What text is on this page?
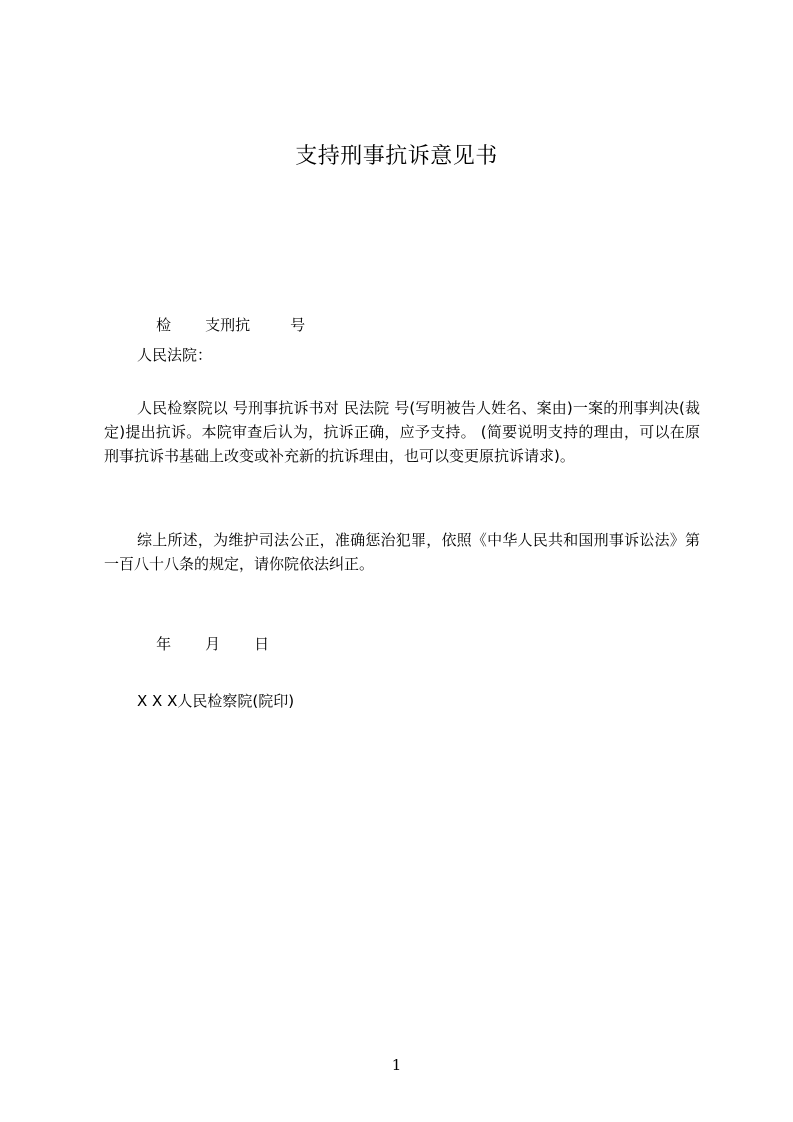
支持刑事抗诉意见书

检 支刑抗	号

人民法院：
人民检察院以 号刑事抗诉书对 民法院 号(写明被告人姓名、案由)一案的刑事判决(裁定)提出抗诉。本院审查后认为，抗诉正确，应予支持。 (简要说明支持的理由，可以在原刑事抗诉书基础上改变或补充新的抗诉理由，也可以变更原抗诉请求)。
综上所述，为维护司法公正，准确惩治犯罪，依照《中华人民共和国刑事诉讼法》第一百八十八条的规定，请你院依法纠正。

年 月 日

X X X人民检察院(院印)
1
